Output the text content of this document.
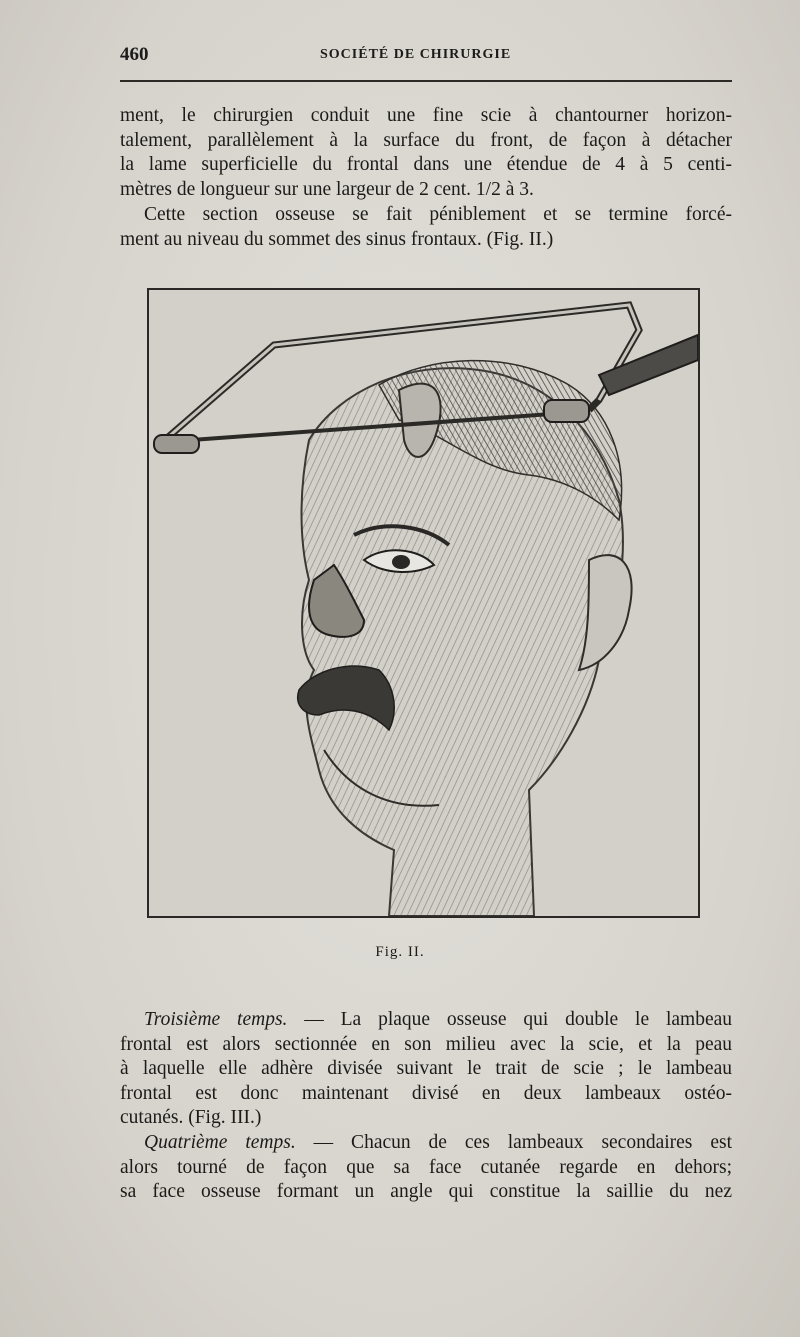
460	SOCIÉTÉ DE CHIRURGIE
ment, le chirurgien conduit une fine scie à chantourner horizon-
talement, parallèlement à la surface du front, de façon à détacher
la lame superficielle du frontal dans une étendue de 4 à 5 centi-
mètres de longueur sur une largeur de 2 cent. 1/2 à 3.
Cette section osseuse se fait péniblement et se termine forcé-
ment au niveau du sommet des sinus frontaux. (Fig. II.)
Fig. II.
Troisième temps. — La plaque osseuse qui double le lambeau
frontal est alors sectionnée en son milieu avec la scie, et la peau
à laquelle elle adhère divisée suivant le trait de scie ; le lambeau
frontal est donc maintenant divisé en deux lambeaux ostéo-
cutanés. (Fig. III.)
Quatrième temps. — Chacun de ces lambeaux secondaires est
alors tourné de façon que sa face cutanée regarde en dehors;
sa face osseuse formant un angle qui constitue la saillie du nez
